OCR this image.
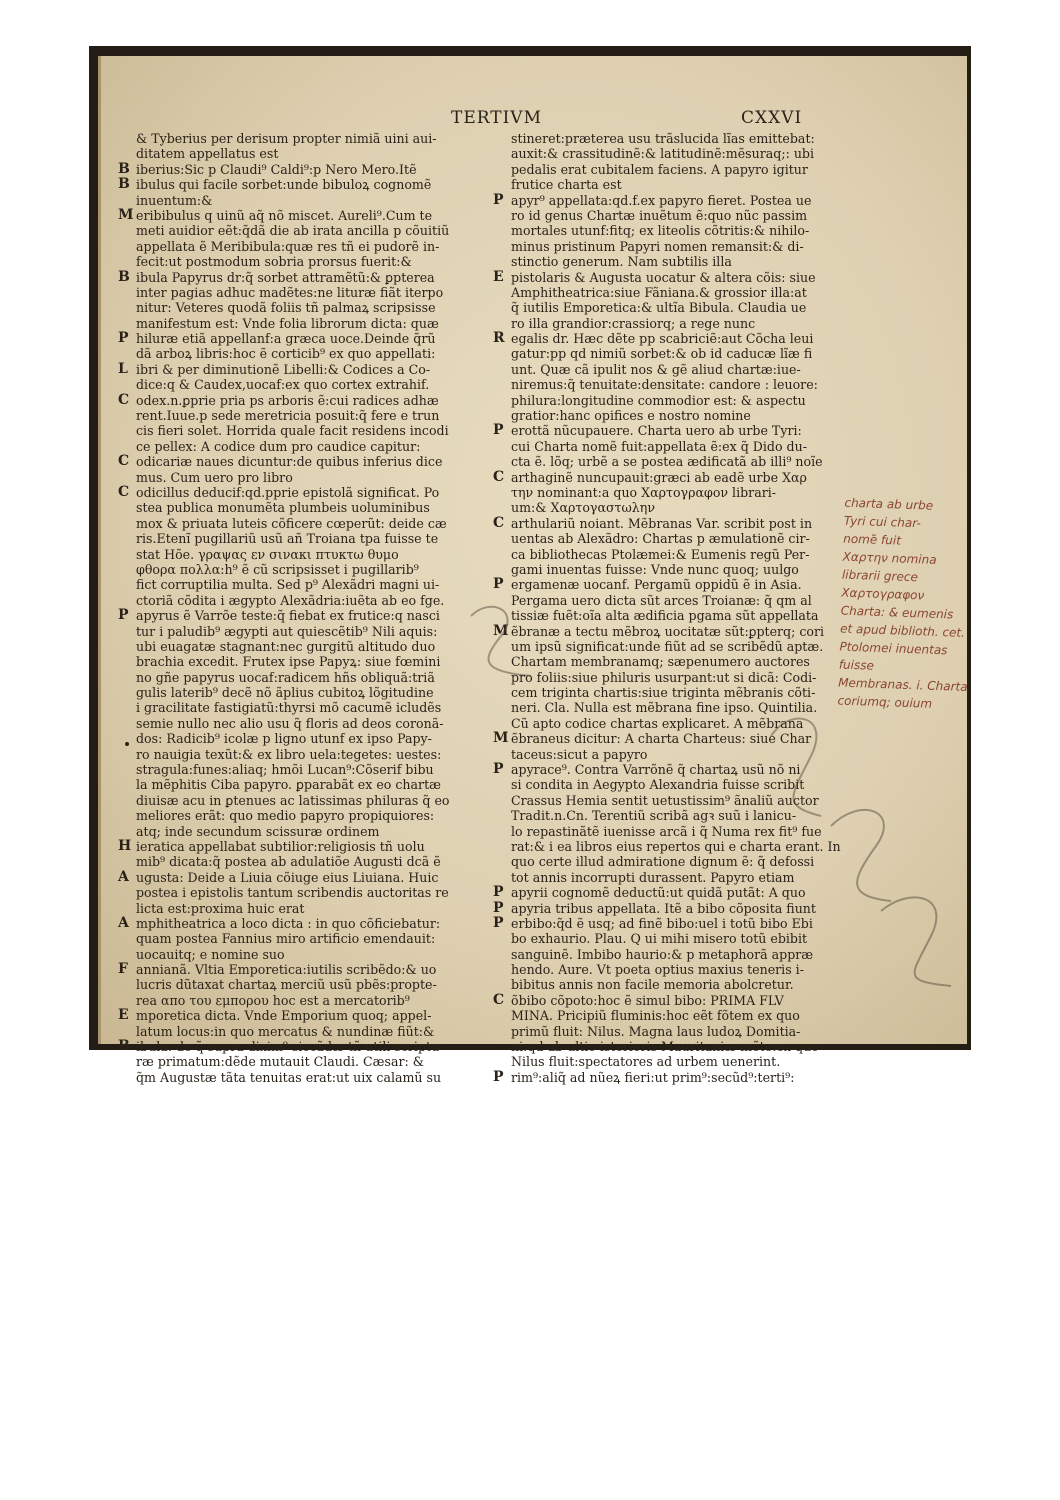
TERTIVM	CXXVI
& Tyberius per derisum propter nimiã uini aui-
ditatem appellatus est
B iberius:Sic p Claudi⁹ Caldi⁹:p Nero Mero.Itẽ
B ibulus qui facile sorbet:unde bibuloꝝ cognomẽ
inuentum:&
M eribibulus q uinũ aq̃ nõ miscet. Aureli⁹.Cum te
meti auidior eẽt:q̃dã die ab irata ancilla p cõuitiũ
appellata ẽ Meribibula:quæ res tñ ei pudorẽ in-
fecit:ut postmodum sobria prorsus fuerit:&
B ibula Papyrus dr:q̃ sorbet attramẽtũ:& ꝑpterea
inter pagias adhuc madẽtes:ne lituræ fiãt iterpo
nitur: Veteres quodã foliis tñ palmaꝝ scripsisse
manifestum est: Vnde folia librorum dicta: quæ
P hiluræ etiã appellanf:a græca uoce.Deinde q̃rũ
dã arboꝝ libris:hoc ẽ corticib⁹ ex quo appellati:
L ibri & per diminutionẽ Libelli:& Codices a Co-
dice:q & Caudex,uocaf:ex quo cortex extrahif.
C odex.n.ꝑprie pria ps arboris ẽ:cui radices adhæ
rent.Iuue.p sede meretricia posuit:q̃ fere e trun
cis fieri solet. Horrida quale facit residens incodi
ce pellex: A codice dum pro caudice capitur:
C odicariæ naues dicuntur:de quibus inferius dice
mus. Cum uero pro libro
C odicillus deducif:qd.pprie epistolã significat. Po
stea publica monumẽta plumbeis uoluminibus
mox & priuata luteis cõficere cœperũt: deide cæ
ris.Etenĩ pugillariũ usũ añ Troiana tpa fuisse te
stat Hõe. γραψας εν σινακι πτυκτω θυμο
φθορα πολλα:h⁹ ẽ cũ scripsisset i pugillarib⁹
fict corruptilia multa. Sed p⁹ Alexãdri magni ui-
ctoriã cõdita i ægypto Alexãdria:iuẽta ab eo fge.
P apyrus ẽ Varrõe teste:q̃ fiebat ex frutice:q nasci
tur i paludib⁹ ægypti aut quiescẽtib⁹ Nili aquis:
ubi euagatæ stagnant:nec gurgitũ altitudo duo
brachia excedit. Frutex ipse Papyꝝ: siue fœmini
no gñe papyrus uocaf:radicem hñs obliquã:triã
gulis laterib⁹ decẽ nõ ãplius cubitoꝝ lõgitudine
i gracilitate fastigiatũ:thyrsi mõ cacumẽ icludẽs
semie nullo nec alio usu q̃ floris ad deos coronã-
dos: Radicib⁹ icolæ p ligno utunf ex ipso Papy-
ro nauigia texũt:& ex libro uela:tegetes: uestes:
stragula:funes:aliaq; hmõi Lucan⁹:Cõserif bibu
la mẽphitis Ciba papyro. ꝑparabãt ex eo chartæ
diuisæ acu in ꝑtenues ac latissimas philuras q̃ eo
meliores erãt: quo medio papyro propiquiores:
atq; inde secundum scissuræ ordinem
H ieratica appellabat subtilior:religiosis tñ uolu
mib⁹ dicata:q̃ postea ab adulatiõe Augusti dcã ẽ
A ugusta: Deide a Liuia cõiuge eius Liuiana. Huic
postea i epistolis tantum scribendis auctoritas re
licta est:proxima huic erat
A mphitheatrica a loco dicta : in quo cõficiebatur:
quam postea Fannius miro artificio emendauit:
uocauitq; e nomine suo
F annianã. Vltia Emporetica:iutilis scribẽdo:& uo
lucris dũtaxat chartaꝝ merciũ usũ pbẽs:propte-
rea απο του εμπορου hoc est a mercatorib⁹
E mporetica dicta. Vnde Emporium quoq; appel-
latum locus:in quo mercatus & nundinæ fiũt:&
B ibula: de q̃ supra dixim⁹ siccãdæ tñ utili scriptu-
ræ primatum:dẽde mutauit Claudi. Cæsar: &
q̃m Augustæ tãta tenuitas erat:ut uix calamũ su
stineret:præterea usu trãslucida lĩas emittebat:
auxit:& crassitudinẽ:& latitudinẽ:mẽsuraq;: ubi
pedalis erat cubitalem faciens. A papyro igitur
frutice charta est
P apyr⁹ appellata:qd.f.ex papyro fieret. Postea ue
ro id genus Chartæ inuẽtum ẽ:quo nũc passim
mortales utunf:fitq; ex liteolis cõtritis:& nihilo-
minus pristinum Papyri nomen remansit:& di-
stinctio generum. Nam subtilis illa
E pistolaris & Augusta uocatur & altera cõis: siue
Amphitheatrica:siue Fãniana.& grossior illa:at
q̃ iutilis Emporetica:& ultĩa Bibula. Claudia ue
ro illa grandior:crassiorq; a rege nunc
R egalis dr. Hæc dẽte pp scabriciẽ:aut Cõcha leui
gatur:pp qd nimiũ sorbet:& ob id caducæ lĩæ fi
unt. Quæ cã ipulit nos & gẽ aliud chartæ:iue-
niremus:q̃ tenuitate:densitate: candore : leuore:
philura:longitudine commodior est: & aspectu
gratior:hanc opifices e nostro nomine
P erottã nũcupauere. Charta uero ab urbe Tyri:
cui Charta nomẽ fuit:appellata ẽ:ex q̃ Dido du-
cta ẽ. lõq; urbẽ a se postea ædificatã ab illi⁹ noĩe
C arthaginẽ nuncupauit:græci ab eadẽ urbe Χαρ
την nominant:a quo Χαρτογραφον librari-
um:& Χαρτογαστωλην
C arthulariũ noiant. Mẽbranas Var. scribit post in
uentas ab Alexãdro: Chartas p æmulationẽ cir-
ca bibliothecas Ptolæmei:& Eumenis regũ Per-
gami inuentas fuisse: Vnde nunc quoq; uulgo
P ergamenæ uocanf. Pergamũ oppidũ ẽ in Asia.
Pergama uero dicta sũt arces Troianæ: q̃ qm al
tissiæ fuẽt:oĩa alta ædificia pgama sũt appellata
M ẽbranæ a tectu mẽbroꝝ uocitatæ sũt:ꝑpterq; cori
um ipsũ significat:unde fiũt ad se scribẽdũ aptæ.
Chartam membranamq; sæpenumero auctores
pro foliis:siue philuris usurpant:ut si dicã: Codi-
cem triginta chartis:siue triginta mẽbranis cõti-
neri. Cla. Nulla est mẽbrana fine ipso. Quintilia.
Cũ apto codice chartas explicaret. A mẽbrana
M ẽbraneus dicitur: A charta Charteus: siue Char
taceus:sicut a papyro
P apyrace⁹. Contra Varrõnẽ q̃ chartaꝝ usũ nõ ni
si condita in Aegypto Alexandria fuisse scribit
Crassus Hemia sentit uetustissim⁹ ãnaliũ auctor
Tradit.n.Cn. Terentiũ scribã agꝛ suũ i lanicu-
lo repastinãtẽ iuenisse arcã i q̃ Numa rex fit⁹ fue
rat:& i ea libros eius repertos qui e charta erant. In
quo certe illud admiratione dignum ẽ: q̃ defossi
tot annis incorrupti durassent. Papyro etiam
P apyrii cognomẽ deductũ:ut quidã putãt: A quo
P apyria tribus appellata. Itẽ a bibo cõposita fiunt
P erbibo:q̃d ẽ usq; ad finẽ bibo:uel i totũ bibo Ebi
bo exhaurio. Plau. Q ui mihi misero totũ ebibit
sanguinẽ. Imbibo haurio:& p metaphorã appræ
hendo. Aure. Vt poeta optius maxius teneris i-
bibitus annis non facile memoria abolcretur.
C õbibo cõpoto:hoc ẽ simul bibo: PRIMA FLV
MINA. Pricipiũ fluminis:hoc eẽt fõtem ex quo
primũ fluit: Nilus. Magna laus ludoꝝ Domitia-
ni:qd ab ultio isterioris Mauritaniæ mõte:ex quo
Nilus fluit:spectatores ad urbem uenerint.
P rim⁹:aliq̃ ad nũeꝝ fieri:ut prim⁹:secũd⁹:terti⁹:
charta ab urbe
Tyri cui char-
nomẽ fuit
Χαρτην nomina
librarii grece
Χαρτογραφον
Charta: & eumenis
et apud biblioth. cet.
Ptolomei inuentas
fuisse
Membranas. i. Charta
coriumq; ouium
